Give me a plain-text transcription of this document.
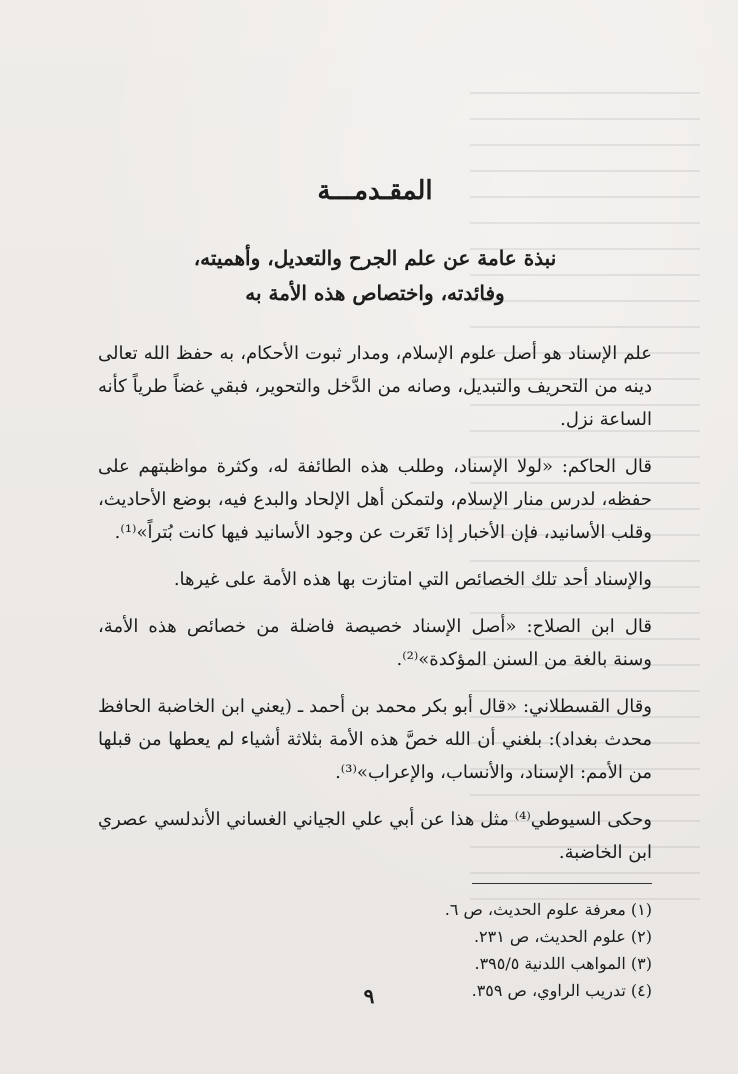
المقـدمـــة
نبذة عامة عن علم الجرح والتعديل، وأهميته،
وفائدته، واختصاص هذه الأمة به

علم الإسناد هو أصل علوم الإسلام، ومدار ثبوت الأحكام، به حفظ الله تعالى دينه من التحريف والتبديل، وصانه من الدَّخل والتحوير، فبقي غضاً طرياً كأنه الساعة نزل.

قال الحاكم: «لولا الإسناد، وطلب هذه الطائفة له، وكثرة مواظبتهم على حفظه، لدرس منار الإسلام، ولتمكن أهل الإلحاد والبدع فيه، بوضع الأحاديث، وقلب الأسانيد، فإن الأخبار إذا تَعَرت عن وجود الأسانيد فيها كانت بُتراً»⁽¹⁾.

والإسناد أحد تلك الخصائص التي امتازت بها هذه الأمة على غيرها.

قال ابن الصلاح: «أصل الإسناد خصيصة فاضلة من خصائص هذه الأمة، وسنة بالغة من السنن المؤكدة»⁽²⁾.

وقال القسطلاني: «قال أبو بكر محمد بن أحمد ـ (يعني ابن الخاضبة الحافظ محدث بغداد): بلغني أن الله خصَّ هذه الأمة بثلاثة أشياء لم يعطها من قبلها من الأمم: الإسناد، والأنساب، والإعراب»⁽³⁾.

وحكى السيوطي⁽⁴⁾ مثل هذا عن أبي علي الجياني الغساني الأندلسي عصري ابن الخاضبة.

(١) معرفة علوم الحديث، ص ٦.
(٢) علوم الحديث، ص ٢٣١.
(٣) المواهب اللدنية ٣٩٥/٥.
(٤) تدريب الراوي، ص ٣٥٩.
٩
